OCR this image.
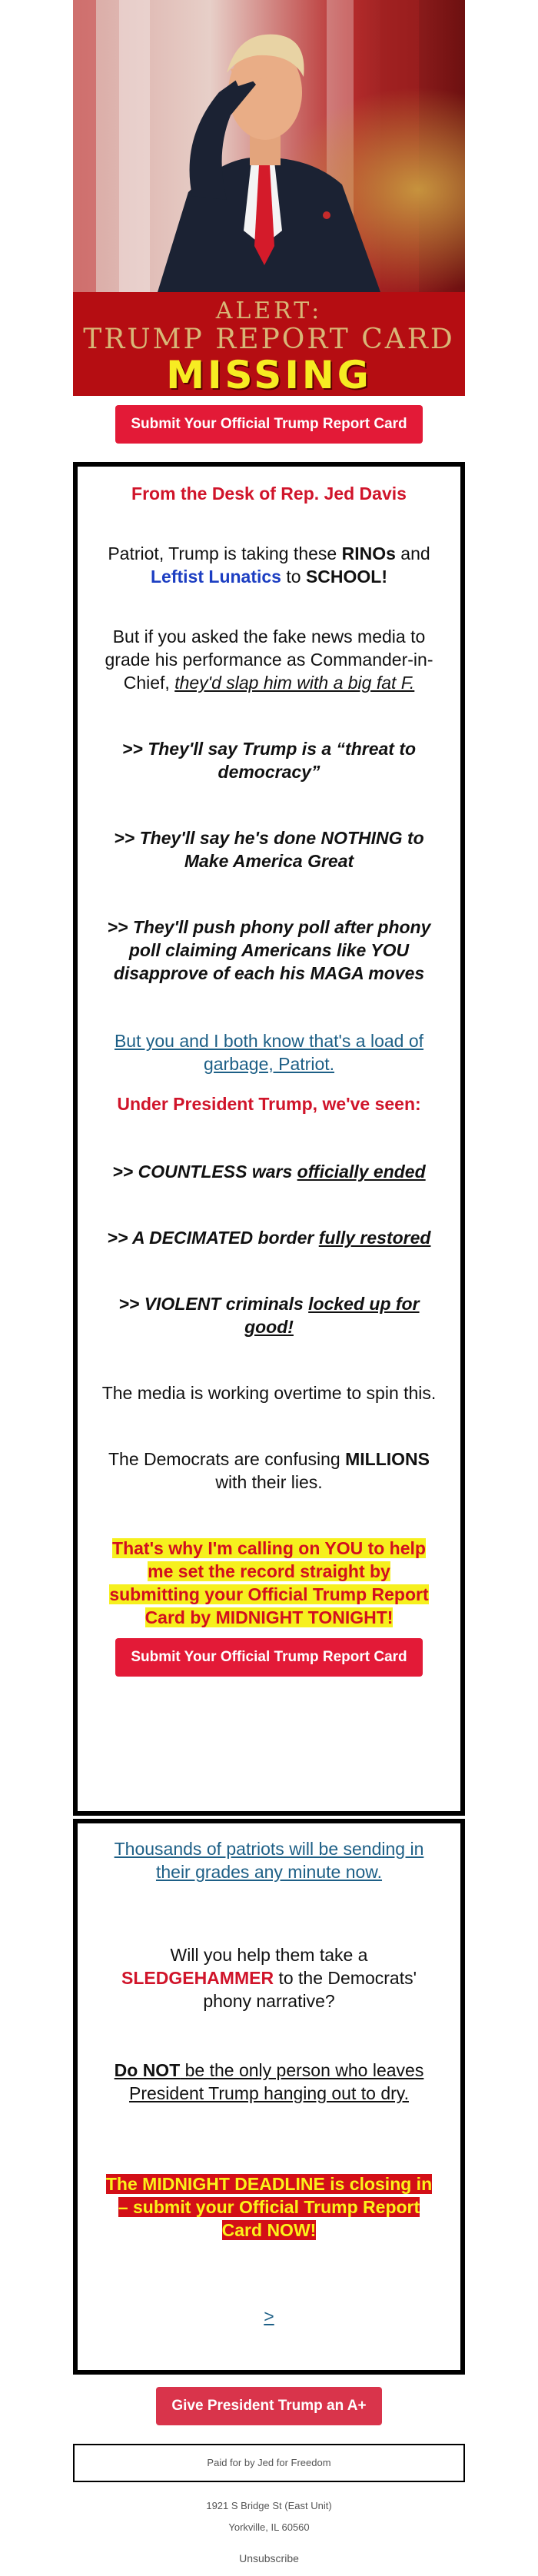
ALERT:
TRUMP REPORT CARD
MISSING
Submit Your Official Trump Report Card
From the Desk of Rep. Jed Davis
Patriot, Trump is taking these RINOs and Leftist Lunatics to SCHOOL!
But if you asked the fake news media to grade his performance as Commander-in-Chief, they'd slap him with a big fat F.
>> They'll say Trump is a “threat to democracy”
>> They'll say he's done NOTHING to Make America Great
>> They'll push phony poll after phony poll claiming Americans like YOU disapprove of each his MAGA moves
But you and I both know that's a load of garbage, Patriot.
Under President Trump, we've seen:
>> COUNTLESS wars officially ended
>> A DECIMATED border fully restored
>> VIOLENT criminals locked up for good!
The media is working overtime to spin this.
The Democrats are confusing MILLIONS with their lies.
That's why I'm calling on YOU to help me set the record straight by submitting your Official Trump Report Card by MIDNIGHT TONIGHT!
Submit Your Official Trump Report Card
Thousands of patriots will be sending in their grades any minute now.
Will you help them take a SLEDGEHAMMER to the Democrats' phony narrative?
Do NOT be the only person who leaves President Trump hanging out to dry.
The MIDNIGHT DEADLINE is closing in – submit your Official Trump Report Card NOW!
>
Give President Trump an A+
Paid for by Jed for Freedom
1921 S Bridge St (East Unit)
Yorkville, IL 60560
Unsubscribe
